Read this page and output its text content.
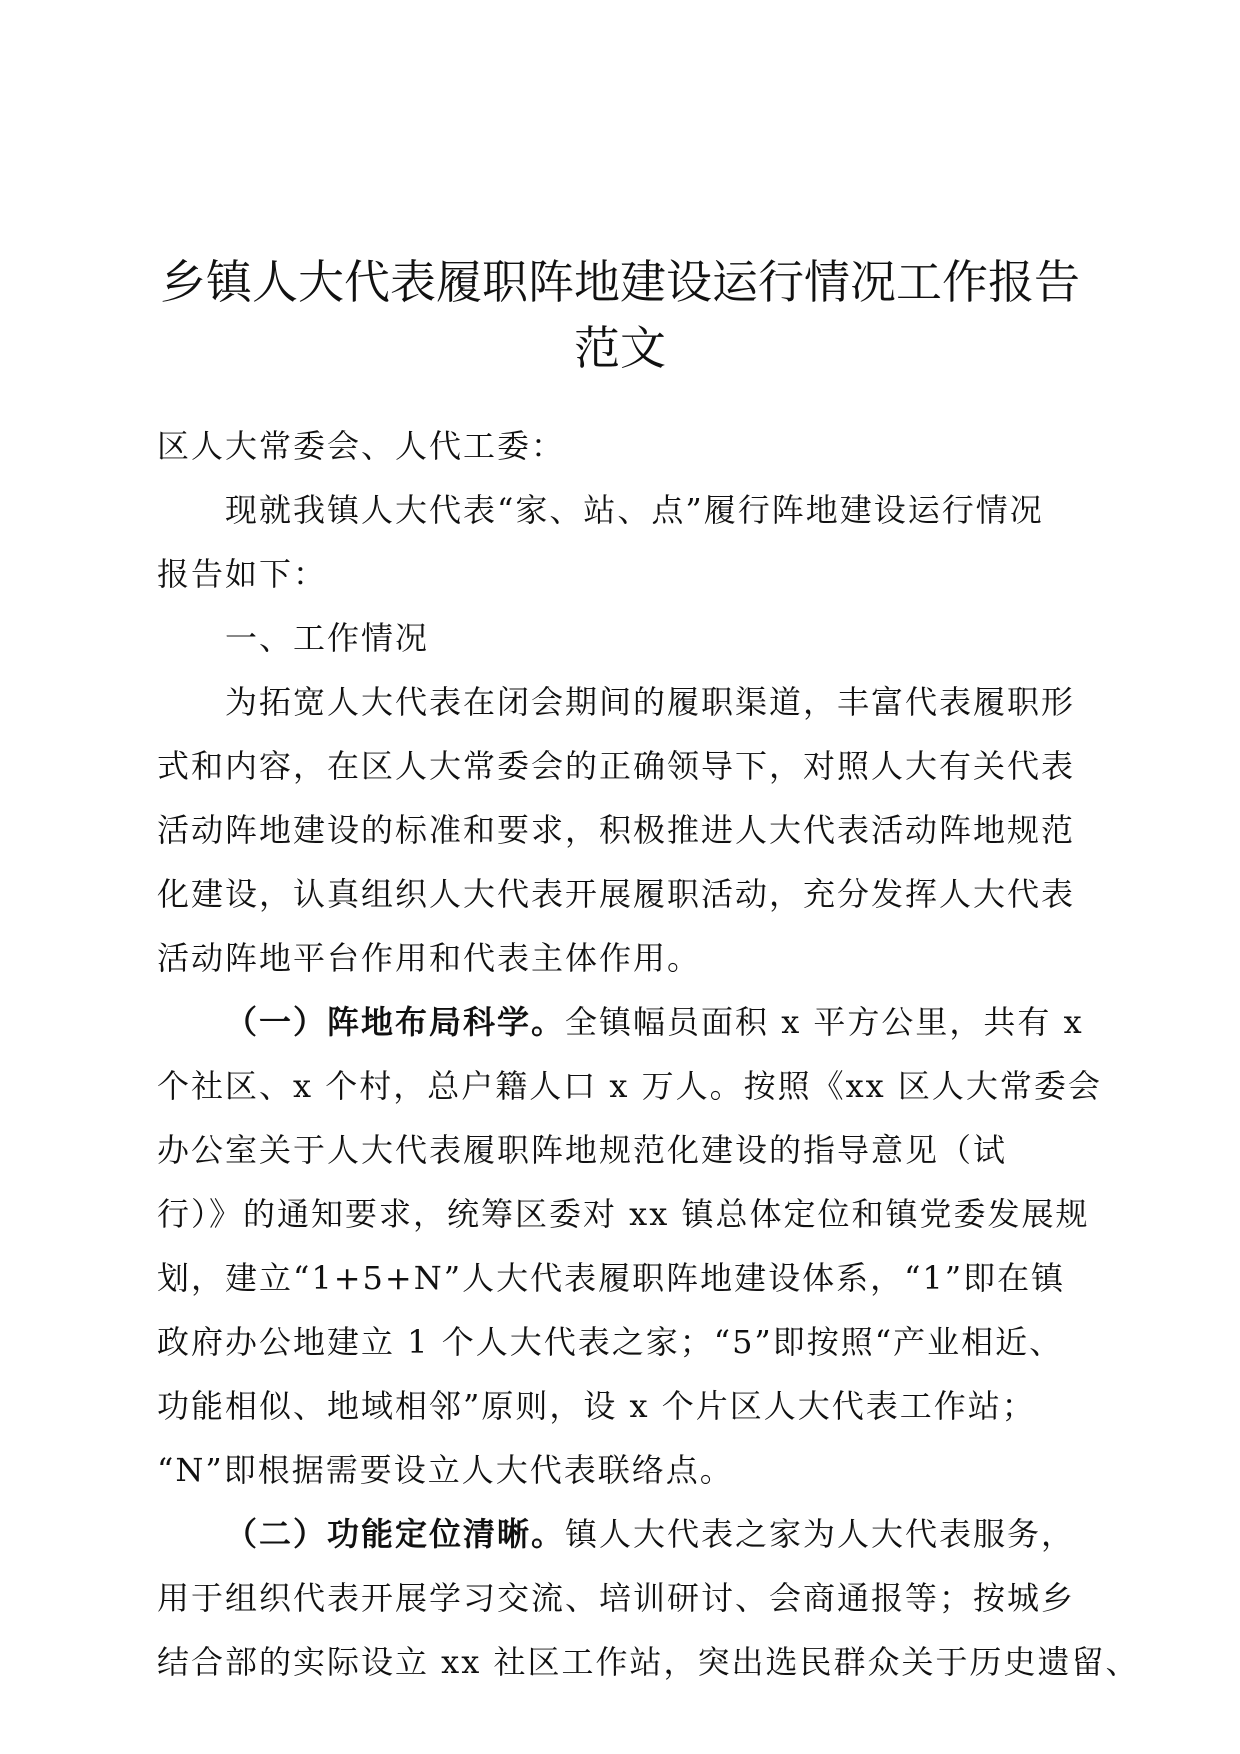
乡镇人大代表履职阵地建设运行情况工作报告
范文

区人大常委会、人代工委：

现就我镇人大代表“家、站、点”履行阵地建设运行情况

报告如下：

一、工作情况

为拓宽人大代表在闭会期间的履职渠道，丰富代表履职形

式和内容，在区人大常委会的正确领导下，对照人大有关代表

活动阵地建设的标准和要求，积极推进人大代表活动阵地规范

化建设，认真组织人大代表开展履职活动，充分发挥人大代表

活动阵地平台作用和代表主体作用。

（一）阵地布局科学。全镇幅员面积 x 平方公里，共有 x

个社区、x 个村，总户籍人口 x 万人。按照《xx 区人大常委会

办公室关于人大代表履职阵地规范化建设的指导意见（试

行）》的通知要求，统筹区委对 xx 镇总体定位和镇党委发展规

划，建立“1+5+N”人大代表履职阵地建设体系，“1”即在镇

政府办公地建立 1 个人大代表之家；“5”即按照“产业相近、

功能相似、地域相邻”原则，设 x 个片区人大代表工作站；

“N”即根据需要设立人大代表联络点。

（二）功能定位清晰。镇人大代表之家为人大代表服务，

用于组织代表开展学习交流、培训研讨、会商通报等；按城乡

结合部的实际设立 xx 社区工作站，突出选民群众关于历史遗留、
